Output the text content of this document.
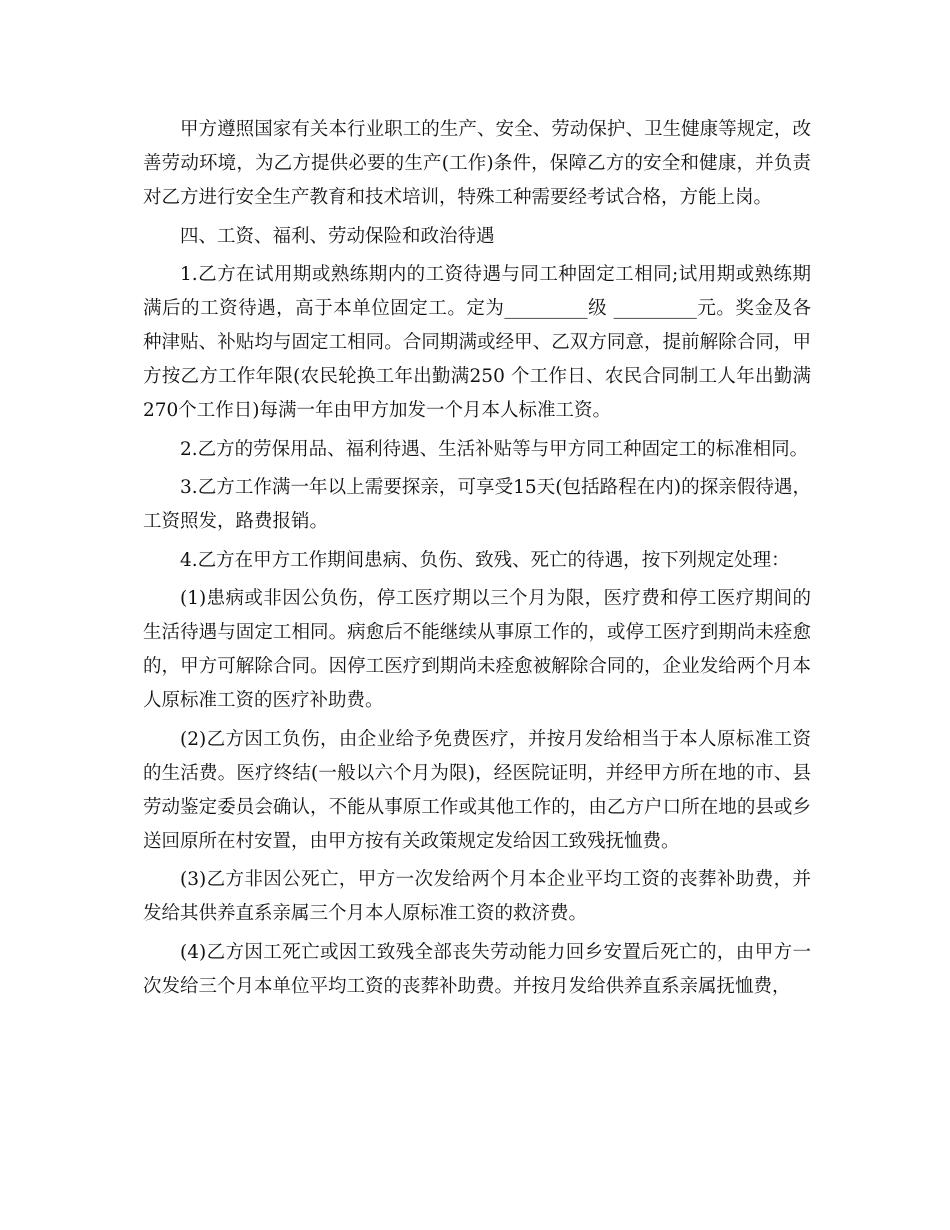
甲方遵照国家有关本行业职工的生产、安全、劳动保护、卫生健康等规定，改善劳动环境，为乙方提供必要的生产(工作)条件，保障乙方的安全和健康，并负责对乙方进行安全生产教育和技术培训，特殊工种需要经考试合格，方能上岗。

四、工资、福利、劳动保险和政治待遇

1.乙方在试用期或熟练期内的工资待遇与同工种固定工相同;试用期或熟练期满后的工资待遇，高于本单位固定工。定为_________级 _________元。奖金及各种津贴、补贴均与固定工相同。合同期满或经甲、乙双方同意，提前解除合同，甲方按乙方工作年限(农民轮换工年出勤满250 个工作日、农民合同制工人年出勤满270个工作日)每满一年由甲方加发一个月本人标准工资。

2.乙方的劳保用品、福利待遇、生活补贴等与甲方同工种固定工的标准相同。

3.乙方工作满一年以上需要探亲，可享受15天(包括路程在内)的探亲假待遇，工资照发，路费报销。

4.乙方在甲方工作期间患病、负伤、致残、死亡的待遇，按下列规定处理：

(1)患病或非因公负伤，停工医疗期以三个月为限，医疗费和停工医疗期间的生活待遇与固定工相同。病愈后不能继续从事原工作的，或停工医疗到期尚未痊愈的，甲方可解除合同。因停工医疗到期尚未痊愈被解除合同的，企业发给两个月本人原标准工资的医疗补助费。

(2)乙方因工负伤，由企业给予免费医疗，并按月发给相当于本人原标准工资的生活费。医疗终结(一般以六个月为限)，经医院证明，并经甲方所在地的市、县劳动鉴定委员会确认，不能从事原工作或其他工作的，由乙方户口所在地的县或乡送回原所在村安置，由甲方按有关政策规定发给因工致残抚恤费。

(3)乙方非因公死亡，甲方一次发给两个月本企业平均工资的丧葬补助费，并发给其供养直系亲属三个月本人原标准工资的救济费。

(4)乙方因工死亡或因工致残全部丧失劳动能力回乡安置后死亡的，由甲方一次发给三个月本单位平均工资的丧葬补助费。并按月发给供养直系亲属抚恤费，
